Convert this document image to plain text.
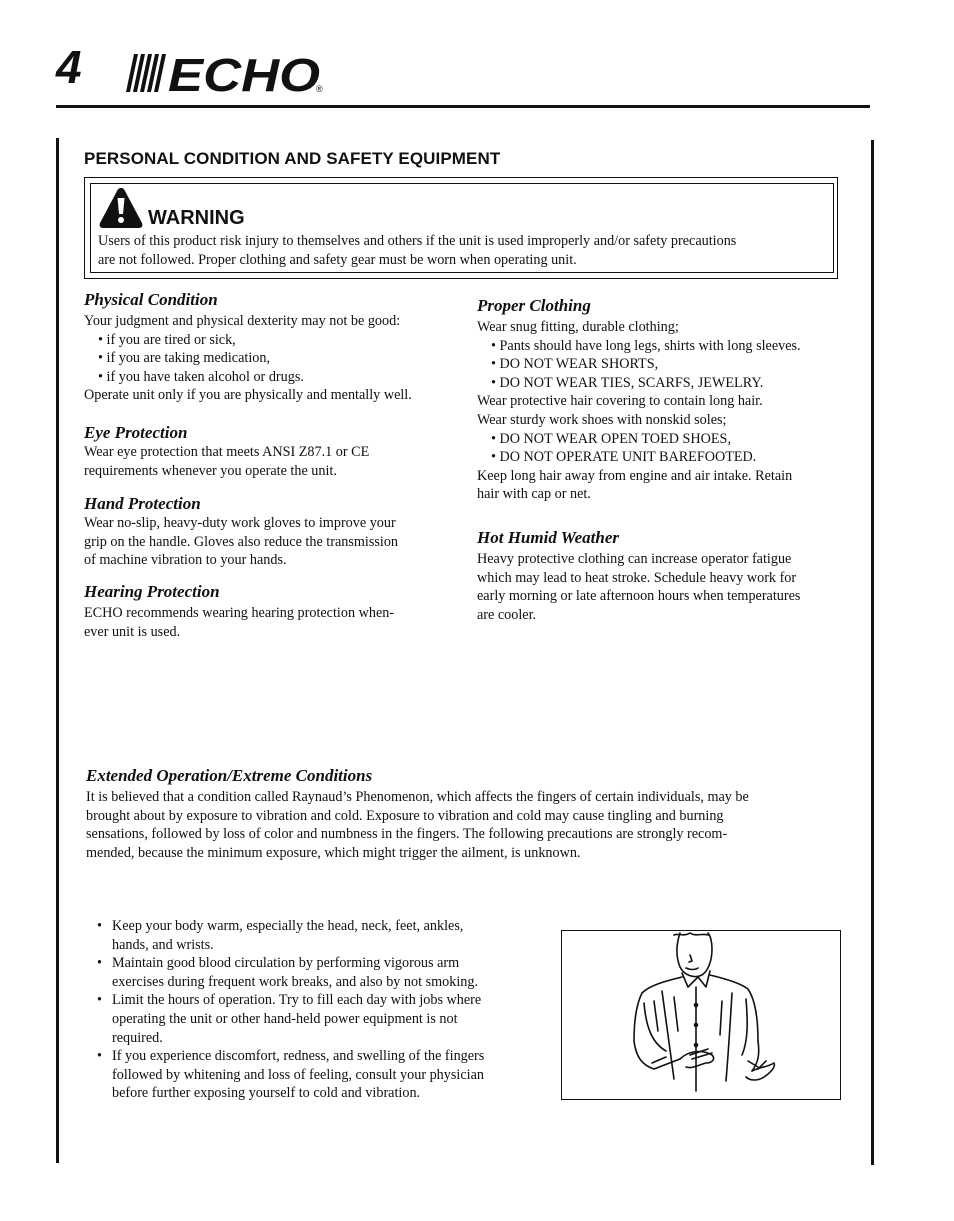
4 ECHO
®
PERSONAL CONDITION AND SAFETY EQUIPMENT
WARNING
Users of this product risk injury to themselves and others if the unit is used improperly and/or safety precautions
are not followed. Proper clothing and safety gear must be worn when operating unit.
Physical Condition
Your judgment and physical dexterity may not be good:
• if you are tired or sick,
• if you are taking medication,
• if you have taken alcohol or drugs.
Operate unit only if you are physically and mentally well.
Eye Protection
Wear eye protection that meets ANSI Z87.1 or CE
requirements whenever you operate the unit.
Hand Protection
Wear no-slip, heavy-duty work gloves to improve your
grip on the handle. Gloves also reduce the transmission
of machine vibration to your hands.
Hearing Protection
ECHO recommends wearing hearing protection when-
ever unit is used.
Proper Clothing
Wear snug fitting, durable clothing;
• Pants should have long legs, shirts with long sleeves.
• DO NOT WEAR SHORTS,
• DO NOT WEAR TIES, SCARFS, JEWELRY.
Wear protective hair covering to contain long hair.
Wear sturdy work shoes with nonskid soles;
• DO NOT WEAR OPEN TOED SHOES,
• DO NOT OPERATE UNIT BAREFOOTED.
Keep long hair away from engine and air intake. Retain
hair with cap or net.
Hot Humid Weather
Heavy protective clothing can increase operator fatigue
which may lead to heat stroke. Schedule heavy work for
early morning or late afternoon hours when temperatures
are cooler.
Extended Operation/Extreme Conditions
It is believed that a condition called Raynaud’s Phenomenon, which affects the fingers of certain individuals, may be
brought about by exposure to vibration and cold. Exposure to vibration and cold may cause tingling and burning
sensations, followed by loss of color and numbness in the fingers. The following precautions are strongly recom-
mended, because the minimum exposure, which might trigger the ailment, is unknown.
• Keep your body warm, especially the head, neck, feet, ankles,
hands, and wrists.
• Maintain good blood circulation by performing vigorous arm
exercises during frequent work breaks, and also by not smoking.
• Limit the hours of operation. Try to fill each day with jobs where
operating the unit or other hand-held power equipment is not
required.
• If you experience discomfort, redness, and swelling of the fingers
followed by whitening and loss of feeling, consult your physician
before further exposing yourself to cold and vibration.
